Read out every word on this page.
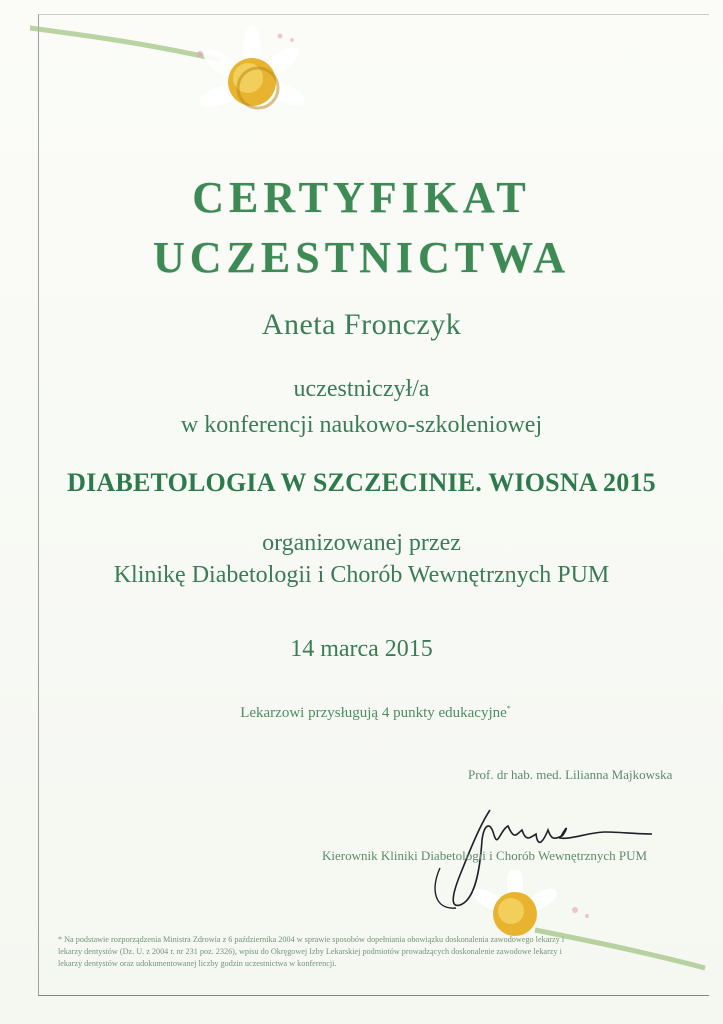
CERTYFIKAT
UCZESTNICTWA
Aneta Fronczyk
uczestniczył/a
w konferencji naukowo-szkoleniowej
DIABETOLOGIA W SZCZECINIE. WIOSNA 2015
organizowanej przez
Klinikę Diabetologii i Chorób Wewnętrznych PUM
14 marca 2015
Lekarzowi przysługują 4 punkty edukacyjne*
Prof. dr hab. med. Lilianna Majkowska
Kierownik Kliniki Diabetologii i Chorób Wewnętrznych PUM
* Na podstawie rozporządzenia Ministra Zdrowia z 6 października 2004 w sprawie sposobów dopełniania obowiązku doskonalenia zawodowego lekarzy i
lekarzy dentystów (Dz. U. z 2004 r. nr 231 poz. 2326), wpisu do Okręgowej Izby Lekarskiej podmiotów prowadzących doskonalenie zawodowe lekarzy i
lekarzy dentystów oraz udokumentowanej liczby godzin uczestnictwa w konferencji.
